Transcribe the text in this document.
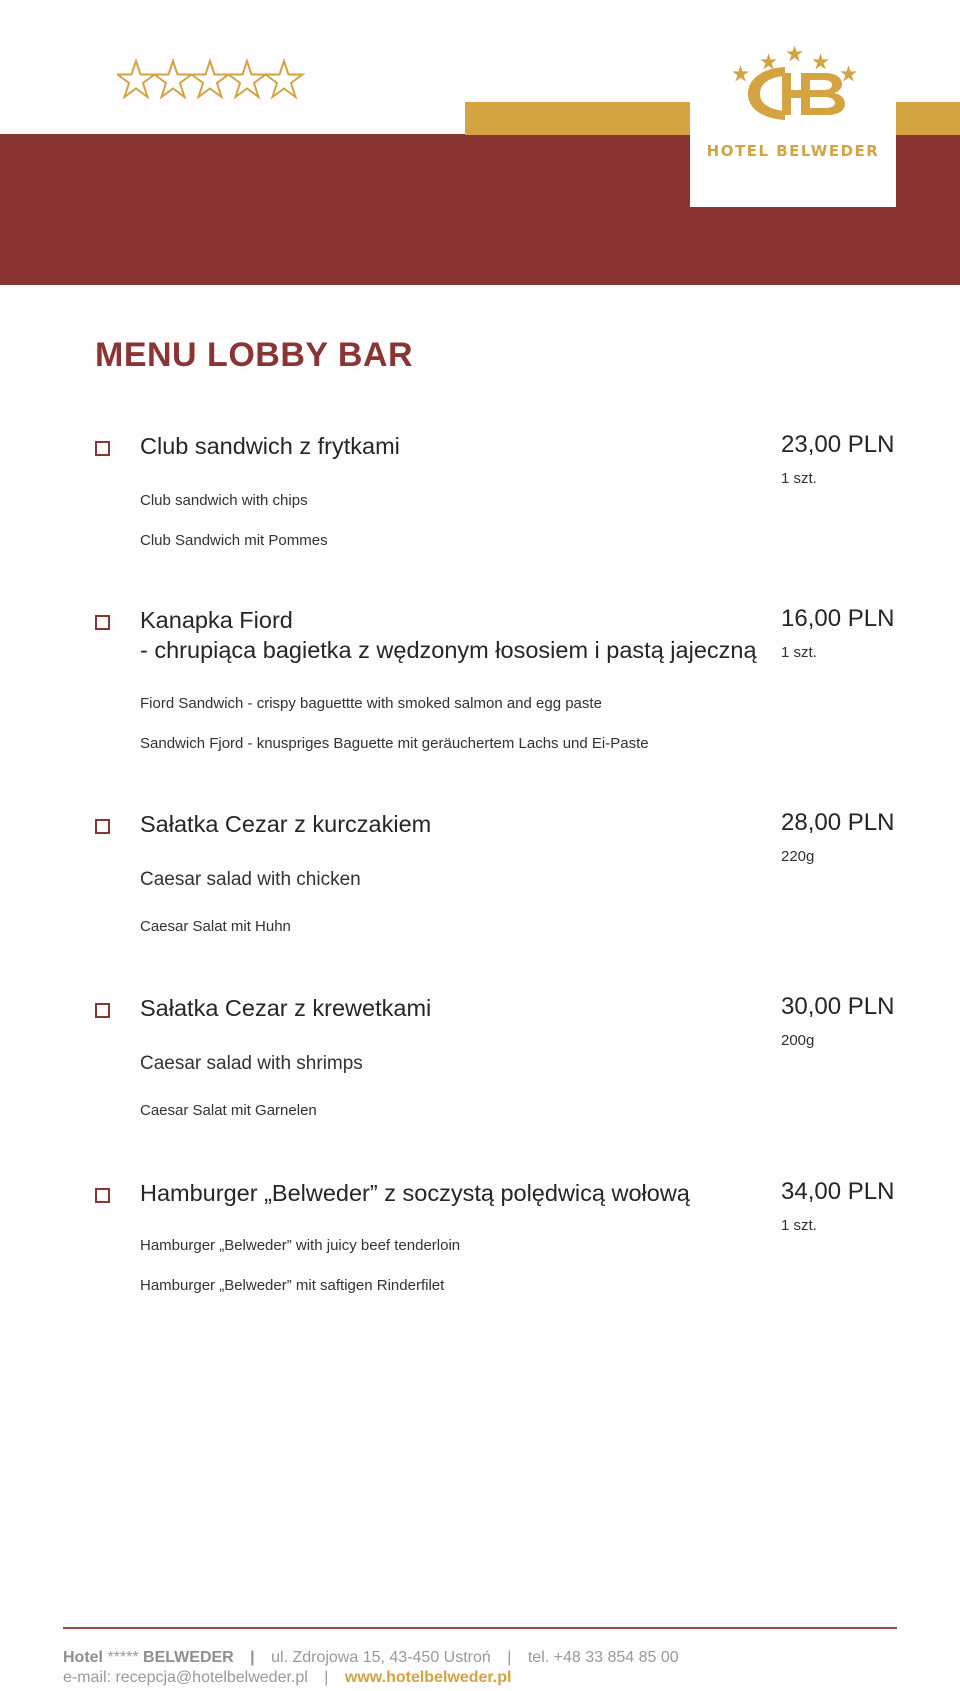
HOTEL BELWEDER
MENU LOBBY BAR
Club sandwich z frytkami
Club sandwich with chips
Club Sandwich mit Pommes
23,00 PLN
1 szt.
Kanapka Fiord
- chrupiąca bagietka z wędzonym łososiem i pastą jajeczną
Fiord Sandwich - crispy baguettte with smoked salmon and egg paste
Sandwich Fjord - knuspriges Baguette mit geräuchertem Lachs und Ei-Paste
16,00 PLN
1 szt.
Sałatka Cezar z kurczakiem
Caesar salad with chicken
Caesar Salat mit Huhn
28,00 PLN
220g
Sałatka Cezar z krewetkami
Caesar salad with shrimps
Caesar Salat mit Garnelen
30,00 PLN
200g
Hamburger „Belweder” z soczystą polędwicą wołową
Hamburger „Belweder” with juicy beef tenderloin
Hamburger „Belweder” mit saftigen Rinderfilet
34,00 PLN
1 szt.
Hotel ***** BELWEDER | ul. Zdrojowa 15, 43-450 Ustroń | tel. +48 33 854 85 00
e-mail: recepcja@hotelbelweder.pl | www.hotelbelweder.pl
